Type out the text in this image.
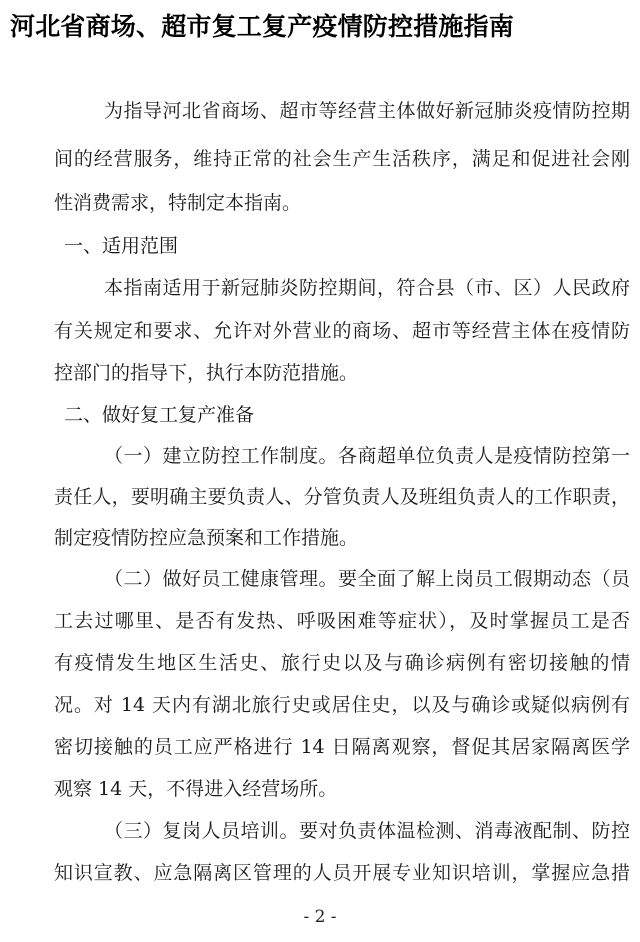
河北省商场、超市复工复产疫情防控措施指南

为指导河北省商场、超市等经营主体做好新冠肺炎疫情防控期

间的经营服务，维持正常的社会生产生活秩序，满足和促进社会刚

性消费需求，特制定本指南。

一、适用范围

本指南适用于新冠肺炎防控期间，符合县（市、区）人民政府

有关规定和要求、允许对外营业的商场、超市等经营主体在疫情防

控部门的指导下，执行本防范措施。

二、做好复工复产准备

（一）建立防控工作制度。各商超单位负责人是疫情防控第一

责任人，要明确主要负责人、分管负责人及班组负责人的工作职责，

制定疫情防控应急预案和工作措施。

（二）做好员工健康管理。要全面了解上岗员工假期动态（员

工去过哪里、是否有发热、呼吸困难等症状），及时掌握员工是否

有疫情发生地区生活史、旅行史以及与确诊病例有密切接触的情

况。对 14 天内有湖北旅行史或居住史，以及与确诊或疑似病例有

密切接触的员工应严格进行 14 日隔离观察，督促其居家隔离医学

观察 14 天，不得进入经营场所。

（三）复岗人员培训。要对负责体温检测、消毒液配制、防控

知识宣教、应急隔离区管理的人员开展专业知识培训，掌握应急措

- 2 -
